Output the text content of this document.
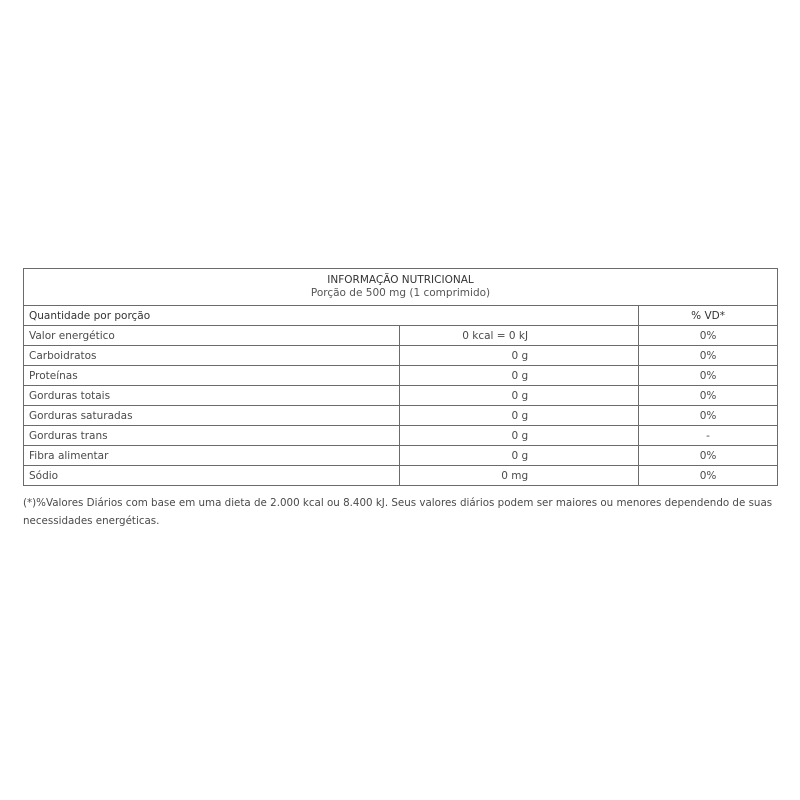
INFORMAÇÃO NUTRICIONAL
Porção de 500 mg (1 comprimido)		

Quantidade por porção		% VD*
Valor energético	0 kcal = 0 kJ	0%
Carboidratos	0 g	0%
Proteínas	0 g	0%
Gorduras totais	0 g	0%
Gorduras saturadas	0 g	0%
Gorduras trans	0 g	-
Fibra alimentar	0 g	0%
Sódio	0 mg	0%
(*)%Valores Diários com base em uma dieta de 2.000 kcal ou 8.400 kJ. Seus valores diários podem ser maiores ou menores dependendo de suas necessidades energéticas.
